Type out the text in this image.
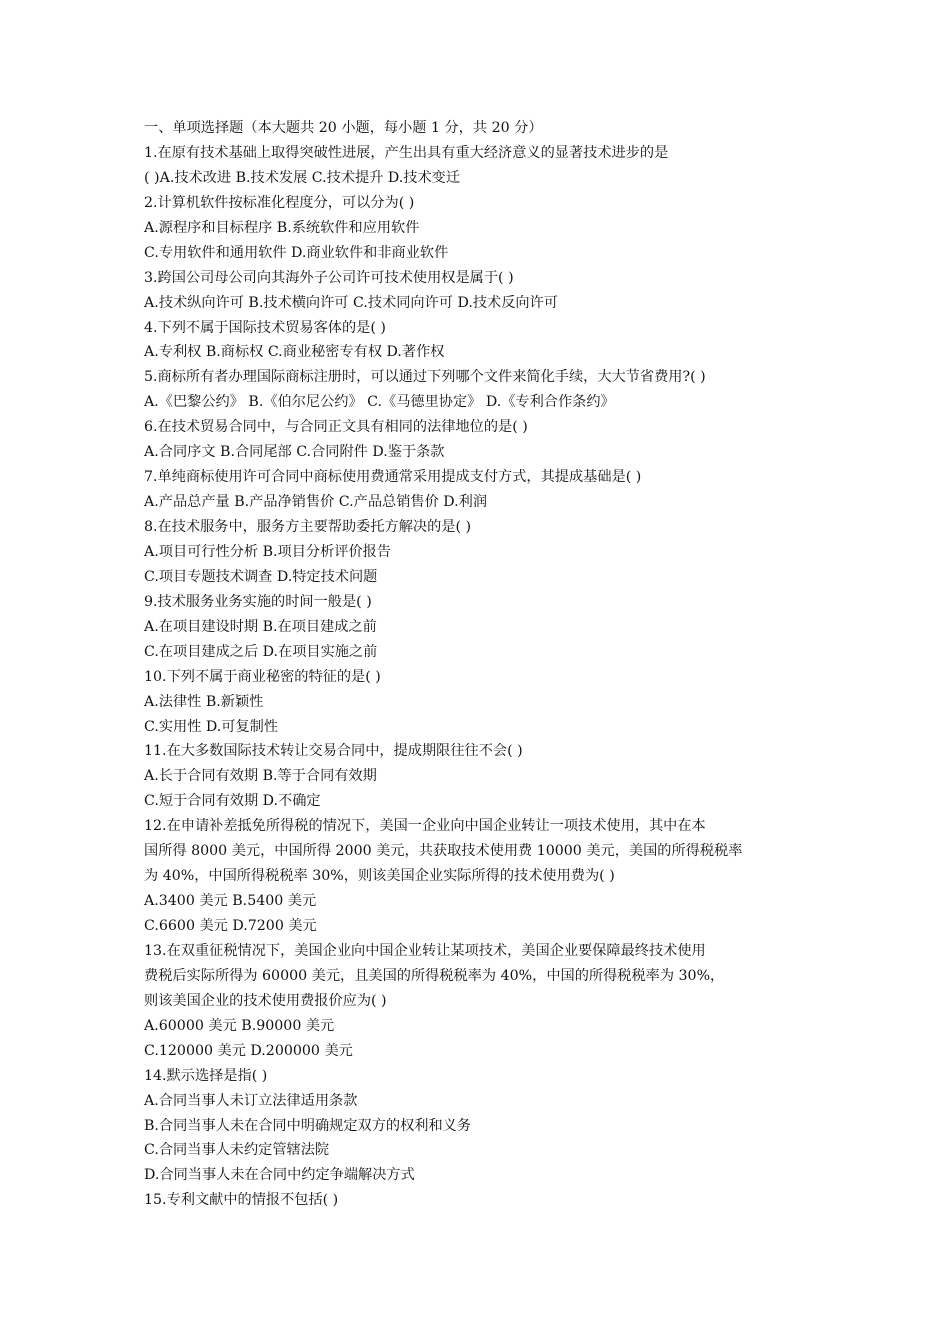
一、单项选择题（本大题共 20 小题，每小题 1 分，共 20 分）
1.在原有技术基础上取得突破性进展，产生出具有重大经济意义的显著技术进步的是
( )A.技术改进 B.技术发展 C.技术提升 D.技术变迁
2.计算机软件按标准化程度分，可以分为( )
A.源程序和目标程序 B.系统软件和应用软件
C.专用软件和通用软件 D.商业软件和非商业软件
3.跨国公司母公司向其海外子公司许可技术使用权是属于( )
A.技术纵向许可 B.技术横向许可 C.技术同向许可 D.技术反向许可
4.下列不属于国际技术贸易客体的是( )
A.专利权 B.商标权 C.商业秘密专有权 D.著作权
5.商标所有者办理国际商标注册时，可以通过下列哪个文件来简化手续，大大节省费用?( )
A.《巴黎公约》 B.《伯尔尼公约》 C.《马德里协定》 D.《专利合作条约》
6.在技术贸易合同中，与合同正文具有相同的法律地位的是( )
A.合同序文 B.合同尾部 C.合同附件 D.鉴于条款
7.单纯商标使用许可合同中商标使用费通常采用提成支付方式，其提成基础是( )
A.产品总产量 B.产品净销售价 C.产品总销售价 D.利润
8.在技术服务中，服务方主要帮助委托方解决的是( )
A.项目可行性分析 B.项目分析评价报告
C.项目专题技术调查 D.特定技术问题
9.技术服务业务实施的时间一般是( )
A.在项目建设时期 B.在项目建成之前
C.在项目建成之后 D.在项目实施之前
10.下列不属于商业秘密的特征的是( )
A.法律性 B.新颖性
C.实用性 D.可复制性
11.在大多数国际技术转让交易合同中，提成期限往往不会( )
A.长于合同有效期 B.等于合同有效期
C.短于合同有效期 D.不确定
12.在申请补差抵免所得税的情况下，美国一企业向中国企业转让一项技术使用，其中在本
国所得 8000 美元，中国所得 2000 美元，共获取技术使用费 10000 美元，美国的所得税税率
为 40%，中国所得税税率 30%，则该美国企业实际所得的技术使用费为( )
A.3400 美元 B.5400 美元
C.6600 美元 D.7200 美元
13.在双重征税情况下，美国企业向中国企业转让某项技术，美国企业要保障最终技术使用
费税后实际所得为 60000 美元，且美国的所得税税率为 40%，中国的所得税税率为 30%，
则该美国企业的技术使用费报价应为( )
A.60000 美元 B.90000 美元
C.120000 美元 D.200000 美元
14.默示选择是指( )
A.合同当事人未订立法律适用条款
B.合同当事人未在合同中明确规定双方的权利和义务
C.合同当事人未约定管辖法院
D.合同当事人未在合同中约定争端解决方式
15.专利文献中的情报不包括( )
